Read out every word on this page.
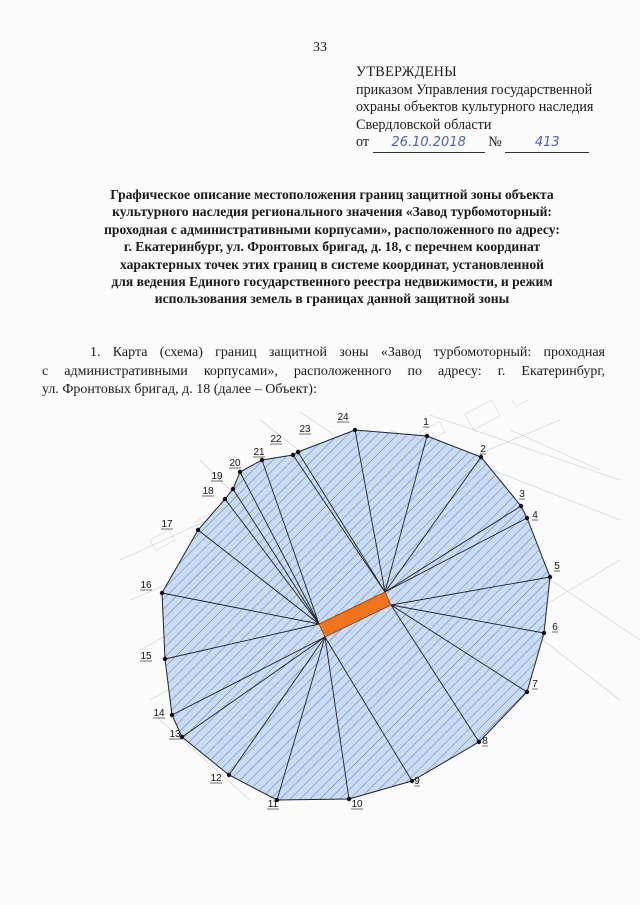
33
УТВЕРЖДЕНЫ
приказом Управления государственной
охраны объектов культурного наследия
Свердловской области
от 26.10.2018 №	413
Графическое описание местоположения границ защитной зоны объекта
культурного наследия регионального значения «Завод турбомоторный:
проходная с административными корпусами», расположенного по адресу:
г. Екатеринбург, ул. Фронтовых бригад, д. 18, с перечнем координат
характерных точек этих границ в системе координат, установленной
для ведения Единого государственного реестра недвижимости, и режим
использования земель в границах данной защитной зоны
1. Карта (схема) границ защитной зоны «Завод турбомоторный: проходная
с административными корпусами», расположенного по адресу: г. Екатеринбург,
ул. Фронтовых бригад, д. 18 (далее – Объект):
1
2
3
4
5
6
7
8
9
10
11
12
13
14
15
16
17
18
19
20
21
22
23
24
